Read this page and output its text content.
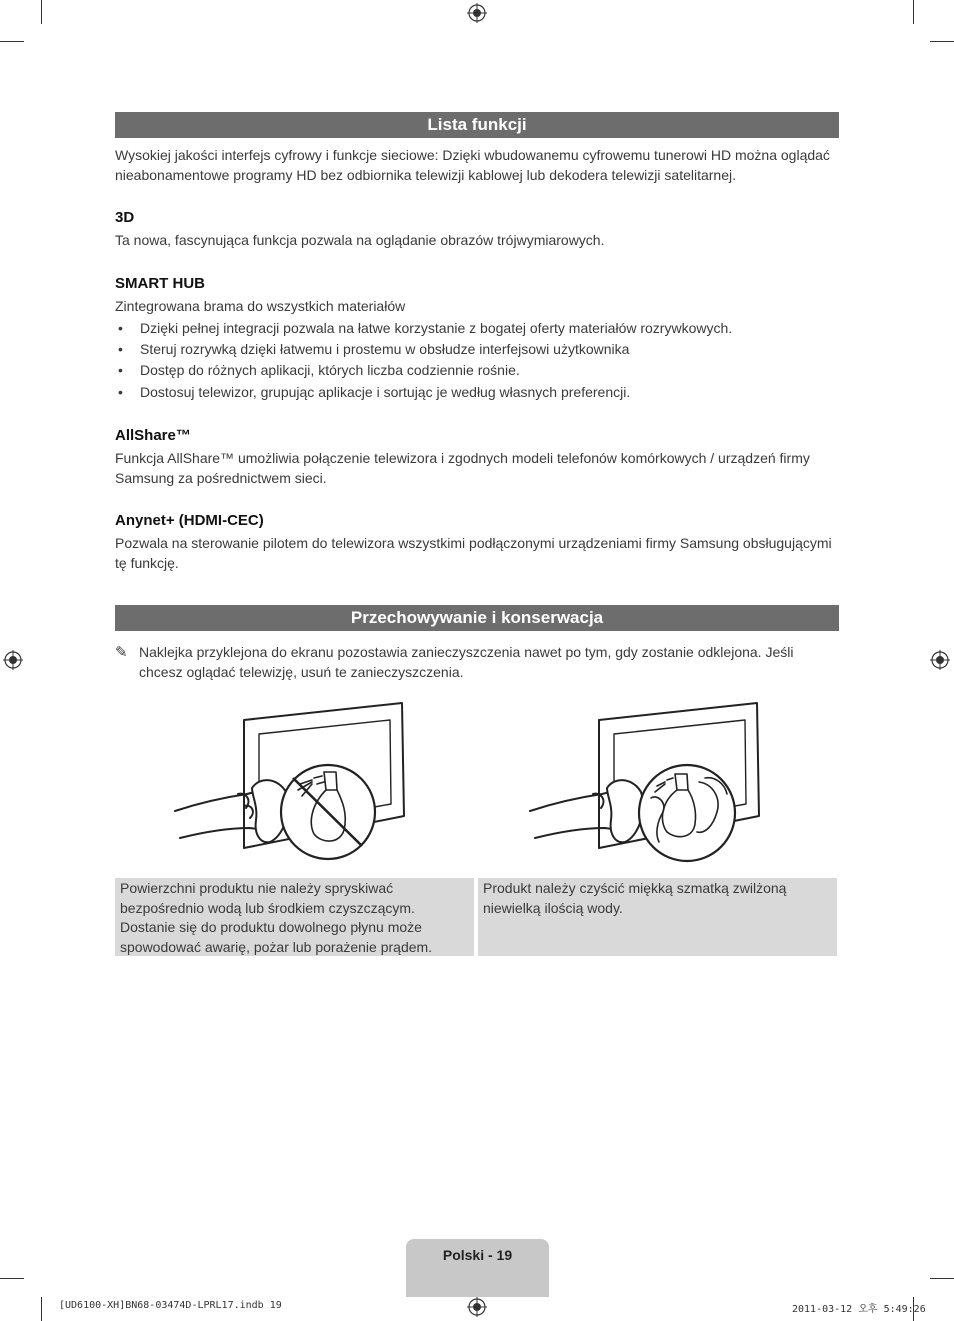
Lista funkcji
Wysokiej jakości interfejs cyfrowy i funkcje sieciowe: Dzięki wbudowanemu cyfrowemu tunerowi HD można oglądać nieabonamentowe programy HD bez odbiornika telewizji kablowej lub dekodera telewizji satelitarnej.
3D
Ta nowa, fascynująca funkcja pozwala na oglądanie obrazów trójwymiarowych.
SMART HUB
Zintegrowana brama do wszystkich materiałów
• Dzięki pełnej integracji pozwala na łatwe korzystanie z bogatej oferty materiałów rozrywkowych.
• Steruj rozrywką dzięki łatwemu i prostemu w obsłudze interfejsowi użytkownika
• Dostęp do różnych aplikacji, których liczba codziennie rośnie.
• Dostosuj telewizor, grupując aplikacje i sortując je według własnych preferencji.
AllShare™
Funkcja AllShare™ umożliwia połączenie telewizora i zgodnych modeli telefonów komórkowych / urządzeń firmy Samsung za pośrednictwem sieci.
Anynet+ (HDMI-CEC)
Pozwala na sterowanie pilotem do telewizora wszystkimi podłączonymi urządzeniami firmy Samsung obsługującymi tę funkcję.
Przechowywanie i konserwacja
✎ Naklejka przyklejona do ekranu pozostawia zanieczyszczenia nawet po tym, gdy zostanie odklejona. Jeśli chcesz oglądać telewizję, usuń te zanieczyszczenia.
Powierzchni produktu nie należy spryskiwać bezpośrednio wodą lub środkiem czyszczącym. Dostanie się do produktu dowolnego płynu może spowodować awarię, pożar lub porażenie prądem.
Produkt należy czyścić miękką szmatką zwilżoną niewielką ilością wody.
Polski - 19
[UD6100-XH]BN68-03474D-LPRL17.indb 19	2011-03-12 오후 5:49:26
